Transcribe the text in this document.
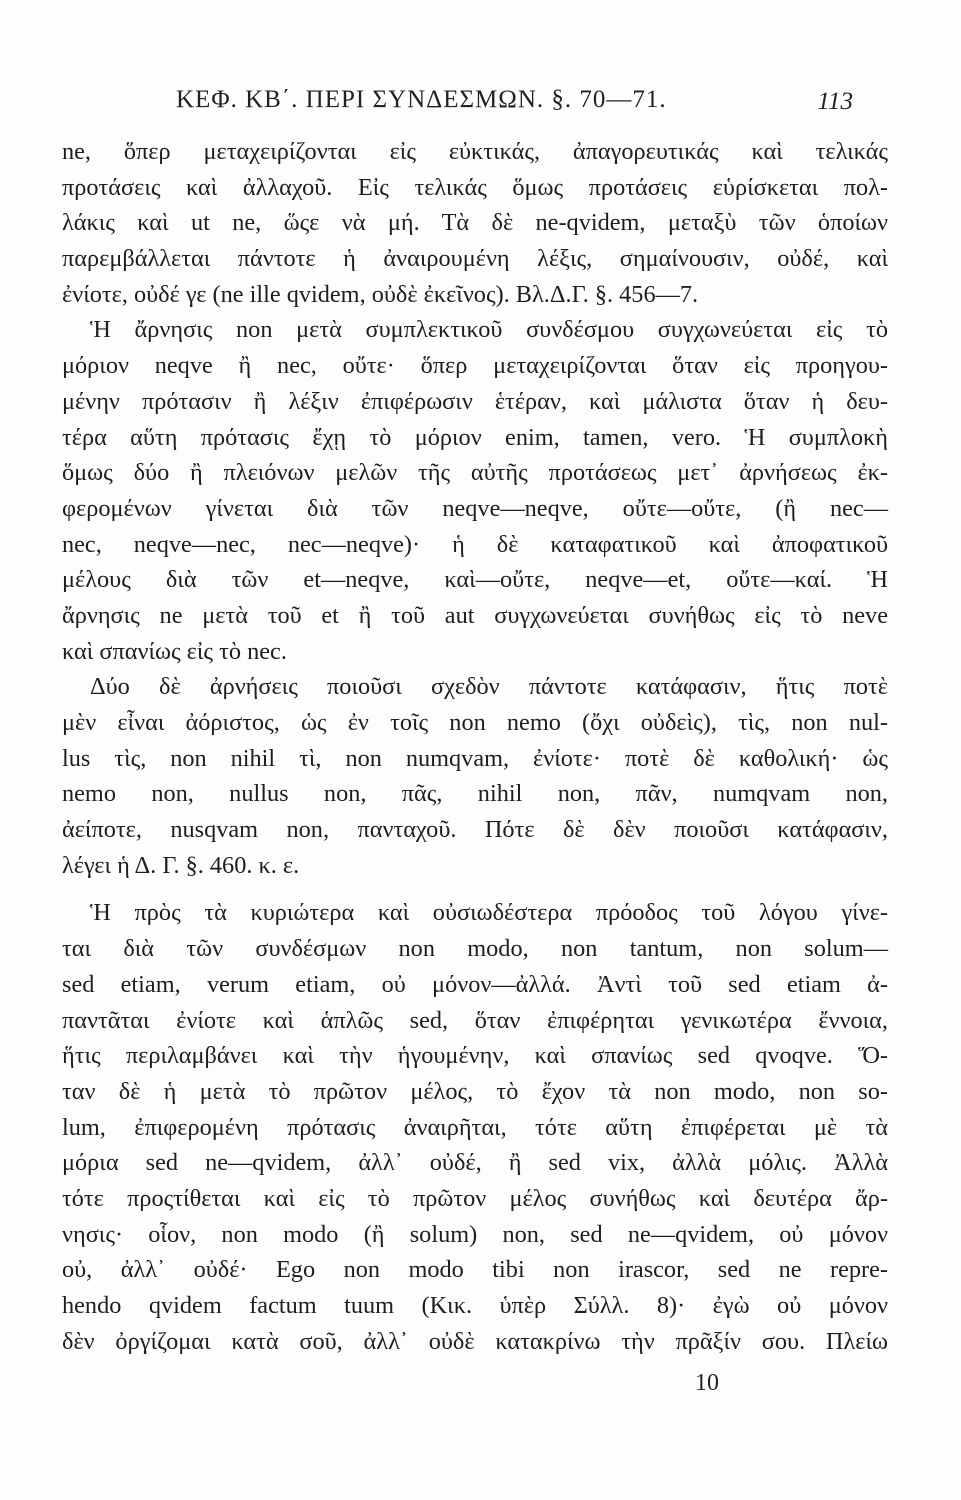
ΚΕΦ. ΚΒ΄. ΠΕΡΙ ΣΥΝΔΕΣΜΩΝ. §. 70—71.	113
ne, ὅπερ μεταχειρίζονται εἰς εὐκτικάς, ἀπαγορευτικάς καὶ τελικάς
προτάσεις καὶ ἀλλαχοῦ. Εἰς τελικάς ὅμως προτάσεις εὑρίσκεται πολ-
λάκις καὶ ut ne, ὥςε νὰ μή. Τὰ δὲ ne-qvidem, μεταξὺ τῶν ὁποίων
παρεμβάλλεται πάντοτε ἡ ἀναιρουμένη λέξις, σημαίνουσιν, οὐδέ, καὶ
ἐνίοτε, οὐδέ γε (ne ille qvidem, οὐδὲ ἐκεῖνος). Βλ.Δ.Γ. §. 456—7.
Ἡ ἄρνησις non μετὰ συμπλεκτικοῦ συνδέσμου συγχωνεύεται εἰς τὸ
μόριον neqve ἢ nec, οὔτε· ὅπερ μεταχειρίζονται ὅταν εἰς προηγου-
μένην πρότασιν ἢ λέξιν ἐπιφέρωσιν ἑτέραν, καὶ μάλιστα ὅταν ἡ δευ-
τέρα αὕτη πρότασις ἔχῃ τὸ μόριον enim, tamen, vero. Ἡ συμπλοκὴ
ὅμως δύο ἢ πλειόνων μελῶν τῆς αὐτῆς προτάσεως μετ᾽ ἀρνήσεως ἐκ-
φερομένων γίνεται διὰ τῶν neqve—neqve, οὔτε—οὔτε, (ἢ nec—
nec, neqve—nec, nec—neqve)· ἡ δὲ καταφατικοῦ καὶ ἀποφατικοῦ
μέλους διὰ τῶν et—neqve, καὶ—οὔτε, neqve—et, οὔτε—καί. Ἡ
ἄρνησις ne μετὰ τοῦ et ἢ τοῦ aut συγχωνεύεται συνήθως εἰς τὸ neve
καὶ σπανίως εἰς τὸ nec.
Δύο δὲ ἀρνήσεις ποιοῦσι σχεδὸν πάντοτε κατάφασιν, ἥτις ποτὲ
μὲν εἶναι ἀόριστος, ὡς ἐν τοῖς non nemo (ὄχι οὐδεὶς), τὶς, non nul-
lus τὶς, non nihil τὶ, non numqvam, ἐνίοτε· ποτὲ δὲ καθολική· ὡς
nemo non, nullus non, πᾶς, nihil non, πᾶν, numqvam non,
ἀείποτε, nusqvam non, πανταχοῦ. Πότε δὲ δὲν ποιοῦσι κατάφασιν,
λέγει ἡ Δ. Γ. §. 460. κ. ε.
Ἡ πρὸς τὰ κυριώτερα καὶ οὐσιωδέστερα πρόοδος τοῦ λόγου γίνε-
ται διὰ τῶν συνδέσμων non modo, non tantum, non solum—
sed etiam, verum etiam, οὐ μόνον—ἀλλά. Ἀντὶ τοῦ sed etiam ἀ-
παντᾶται ἐνίοτε καὶ ἁπλῶς sed, ὅταν ἐπιφέρηται γενικωτέρα ἔννοια,
ἥτις περιλαμβάνει καὶ τὴν ἡγουμένην, καὶ σπανίως sed qvoqve. Ὅ-
ταν δὲ ἡ μετὰ τὸ πρῶτον μέλος, τὸ ἔχον τὰ non modo, non so-
lum, ἐπιφερομένη πρότασις ἀναιρῆται, τότε αὕτη ἐπιφέρεται μὲ τὰ
μόρια sed ne—qvidem, ἀλλ᾽ οὐδέ, ἢ sed vix, ἀλλὰ μόλις. Ἀλλὰ
τότε προςτίθεται καὶ εἰς τὸ πρῶτον μέλος συνήθως καὶ δευτέρα ἄρ-
νησις· οἷον, non modo (ἢ solum) non, sed ne—qvidem, οὐ μόνον
οὐ, ἀλλ᾽ οὐδέ· Ego non modo tibi non irascor, sed ne repre-
hendo qvidem factum tuum (Κικ. ὑπὲρ Σύλλ. 8)· ἐγὼ οὐ μόνον
δὲν ὀργίζομαι κατὰ σοῦ, ἀλλ᾽ οὐδὲ κατακρίνω τὴν πρᾶξίν σου. Πλείω
10
